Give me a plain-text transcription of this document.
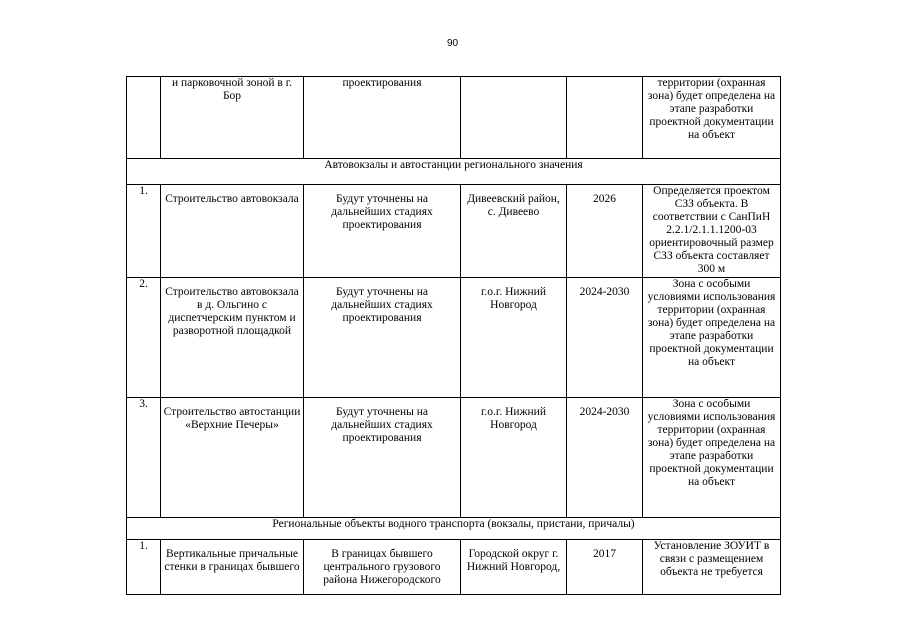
90
	и парковочной зоной в г. Бор	проектирования			территории (охранная зона) будет определена на этапе разработки проектной документации на объект
Автовокзалы и автостанции регионального значения					
1.	Строительство автовокзала	Будут уточнены на дальнейших стадиях проектирования	Дивеевский район, с. Дивеево	2026	Определяется проектом СЗЗ объекта. В соответствии с СанПиН 2.2.1/2.1.1.1200-03 ориентировочный размер СЗЗ объекта составляет 300 м
2.	Строительство автовокзала в д. Ольгино с диспетчерским пунктом и разворотной площадкой	Будут уточнены на дальнейших стадиях проектирования	г.о.г. Нижний Новгород	2024-2030	Зона с особыми условиями использования территории (охранная зона) будет определена на этапе разработки проектной документации на объект
3.	Строительство автостанции «Верхние Печеры»	Будут уточнены на дальнейших стадиях проектирования	г.о.г. Нижний Новгород	2024-2030	Зона с особыми условиями использования территории (охранная зона) будет определена на этапе разработки проектной документации на объект
Региональные объекты водного транспорта (вокзалы, пристани, причалы)					
1.	Вертикальные причальные стенки в границах бывшего	В границах бывшего центрального грузового района Нижегородского	Городской округ г. Нижний Новгород,	2017	Установление ЗОУИТ в связи с размещением объекта не требуется
